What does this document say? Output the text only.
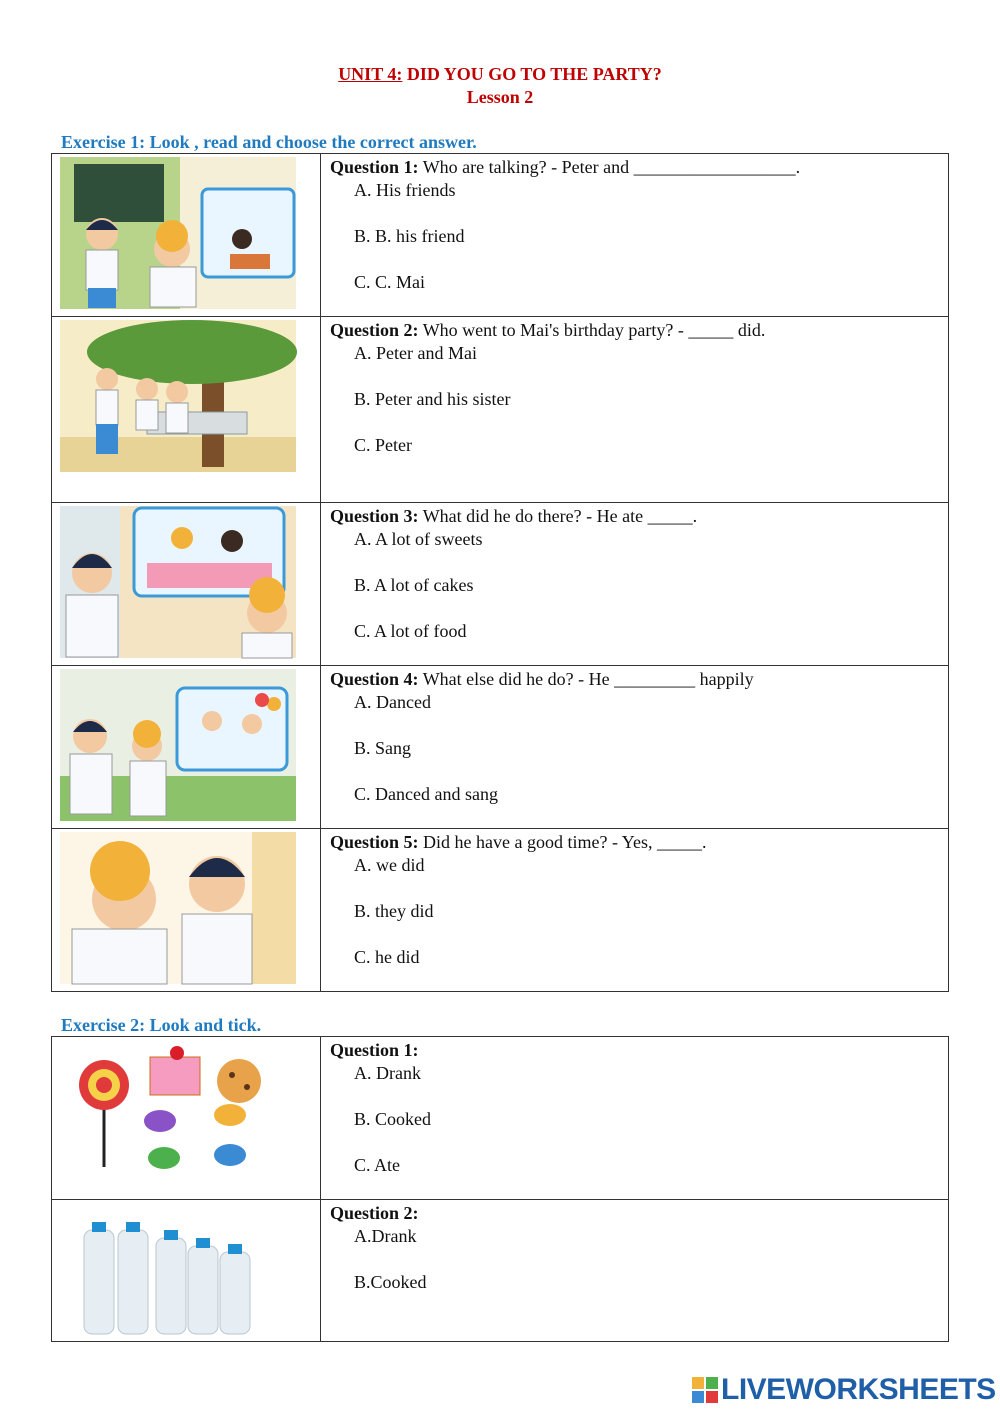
UNIT 4: DID YOU GO TO THE PARTY?
Lesson 2
Exercise 1: Look , read and choose the correct answer.

Question 1: Who are talking? - Peter and __________________.
A. His friends
B. B. his friend
C. C. Mai

Question 2: Who went to Mai's birthday party? - _____ did.
A. Peter and Mai
B. Peter and his sister
C. Peter

Question 3: What did he do there? - He ate _____.
A. A lot of sweets
B. A lot of cakes
C. A lot of food

Question 4: What else did he do? - He _________ happily
A. Danced
B. Sang
C. Danced and sang

Question 5: Did he have a good time? - Yes, _____.
A. we did
B. they did
C. he did
Exercise 2: Look and tick.

Question 1:
A. Drank
B. Cooked
C. Ate

Question 2:
A.Drank
B.Cooked
LIVEWORKSHEETS
